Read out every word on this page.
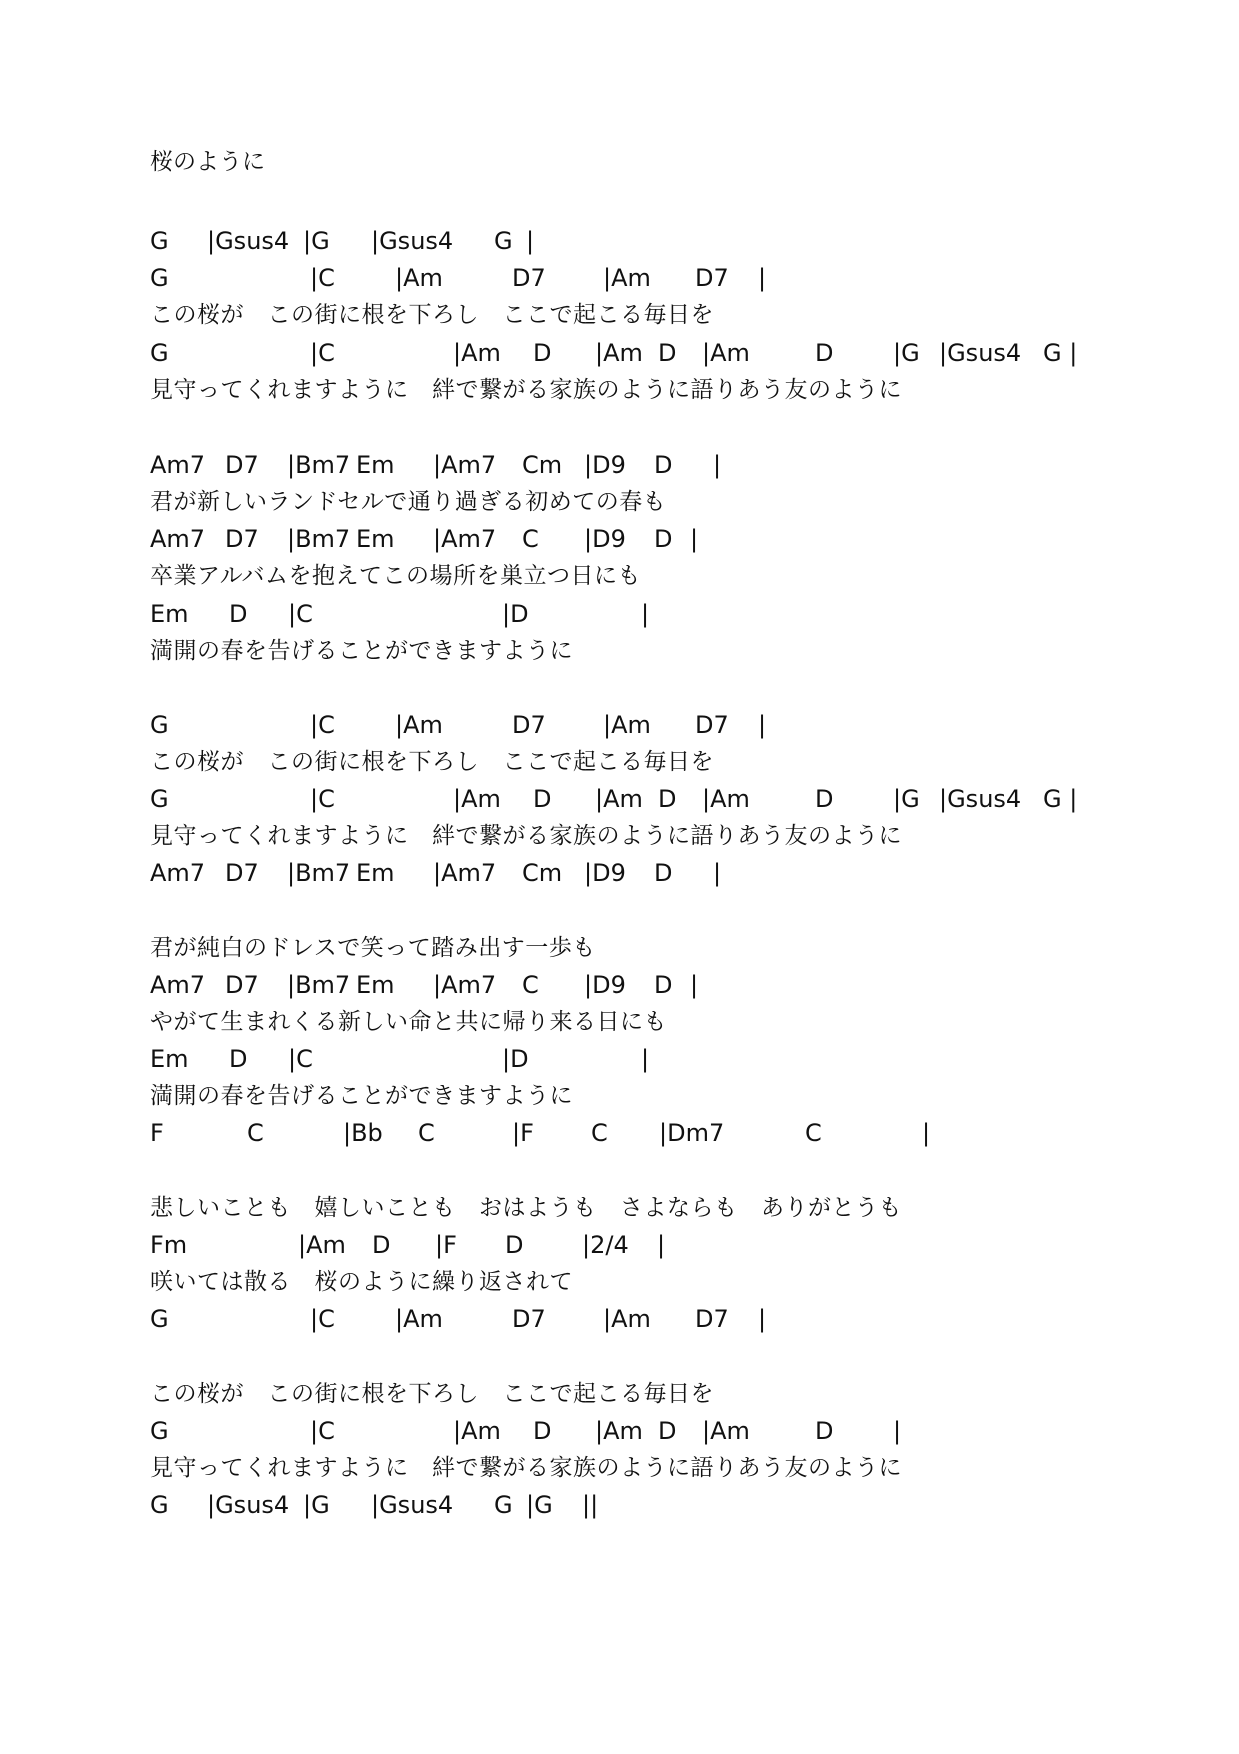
桜のように
G |Gsus4 |G |Gsus4 G |
G	|C	|Am	D7 |Am D7 |
この桜が　この街に根を下ろし　ここで起こる毎日を
G	|C	|Am D |Am D |Am	D |G |Gsus4 G |
見守ってくれますように　絆で繋がる家族のように語りあう友のように
Am7 D7 |Bm7 Em |Am7 Cm |D9 D |
君が新しいランドセルで通り過ぎる初めての春も
Am7 D7 |Bm7 Em |Am7 C |D9 D |
卒業アルバムを抱えてこの場所を巣立つ日にも
Em D |C	|D	|
満開の春を告げることができますように
G	|C	|Am	D7 |Am D7 |
この桜が　この街に根を下ろし　ここで起こる毎日を
G	|C	|Am D |Am D |Am	D |G |Gsus4 G |
見守ってくれますように　絆で繋がる家族のように語りあう友のように
Am7 D7 |Bm7 Em |Am7 Cm |D9 D |
君が純白のドレスで笑って踏み出す一歩も
Am7 D7 |Bm7 Em |Am7 C |D9 D |
やがて生まれくる新しい命と共に帰り来る日にも
Em D |C	|D	|
満開の春を告げることができますように
F	C	|Bb C	|F C |Dm7	C	|
悲しいことも　嬉しいことも　おはようも　さよならも　ありがとうも
Fm	|Am D |F D |2/4 |
咲いては散る　桜のように繰り返されて
G	|C	|Am	D7 |Am D7 |
この桜が　この街に根を下ろし　ここで起こる毎日を
G	|C	|Am D |Am D |Am	D |
見守ってくれますように　絆で繋がる家族のように語りあう友のように
G |Gsus4 |G |Gsus4 G |G ||
